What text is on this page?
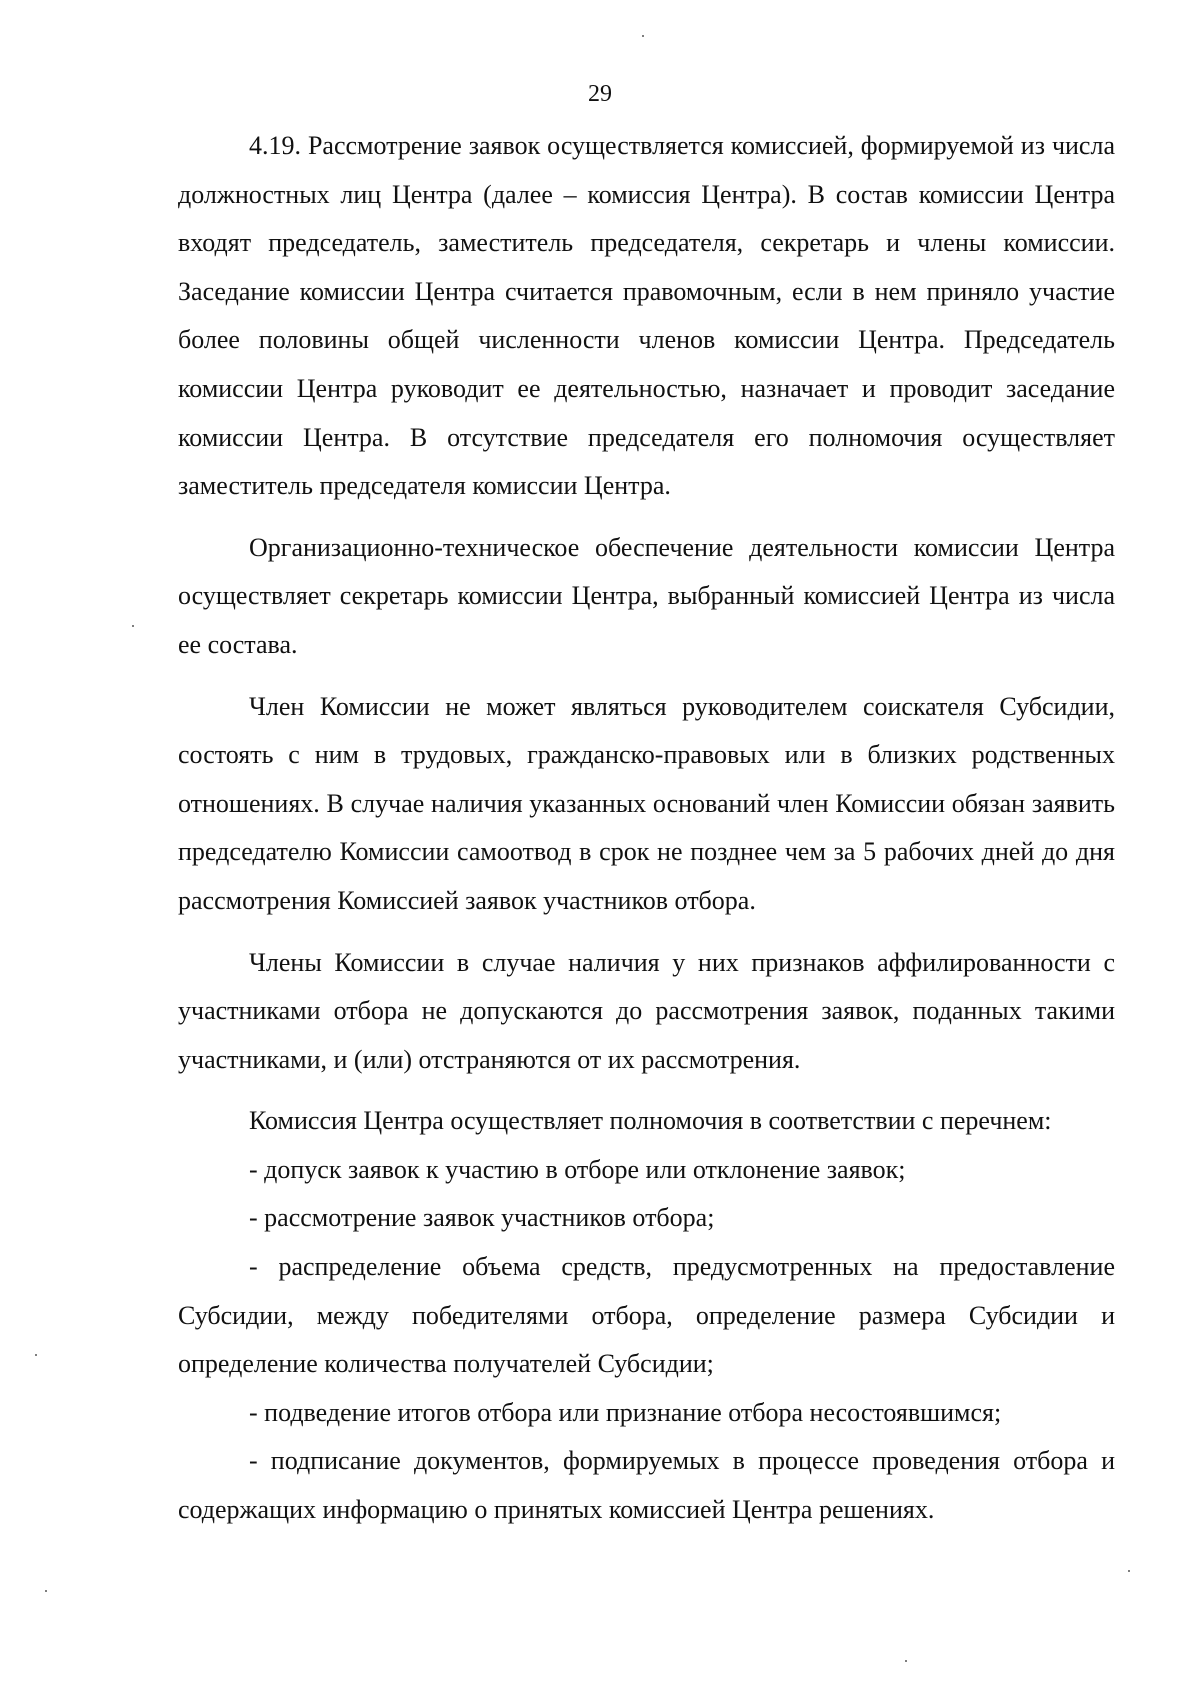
29

4.19. Рассмотрение заявок осуществляется комиссией, формируемой из числа должностных лиц Центра (далее – комиссия Центра). В состав комиссии Центра входят председатель, заместитель председателя, секретарь и члены комиссии. Заседание комиссии Центра считается правомочным, если в нем приняло участие более половины общей численности членов комиссии Центра. Председатель комиссии Центра руководит ее деятельностью, назначает и проводит заседание комиссии Центра. В отсутствие председателя его полномочия осуществляет заместитель председателя комиссии Центра.

Организационно-техническое обеспечение деятельности комиссии Центра осуществляет секретарь комиссии Центра, выбранный комиссией Центра из числа ее состава.

Член Комиссии не может являться руководителем соискателя Субсидии, состоять с ним в трудовых, гражданско-правовых или в близких родственных отношениях. В случае наличия указанных оснований член Комиссии обязан заявить председателю Комиссии самоотвод в срок не позднее чем за 5 рабочих дней до дня рассмотрения Комиссией заявок участников отбора.

Члены Комиссии в случае наличия у них признаков аффилированности с участниками отбора не допускаются до рассмотрения заявок, поданных такими участниками, и (или) отстраняются от их рассмотрения.

Комиссия Центра осуществляет полномочия в соответствии с перечнем:

- допуск заявок к участию в отборе или отклонение заявок;

- рассмотрение заявок участников отбора;

- распределение объема средств, предусмотренных на предоставление Субсидии, между победителями отбора, определение размера Субсидии и определение количества получателей Субсидии;

- подведение итогов отбора или признание отбора несостоявшимся;

- подписание документов, формируемых в процессе проведения отбора и содержащих информацию о принятых комиссией Центра решениях.
